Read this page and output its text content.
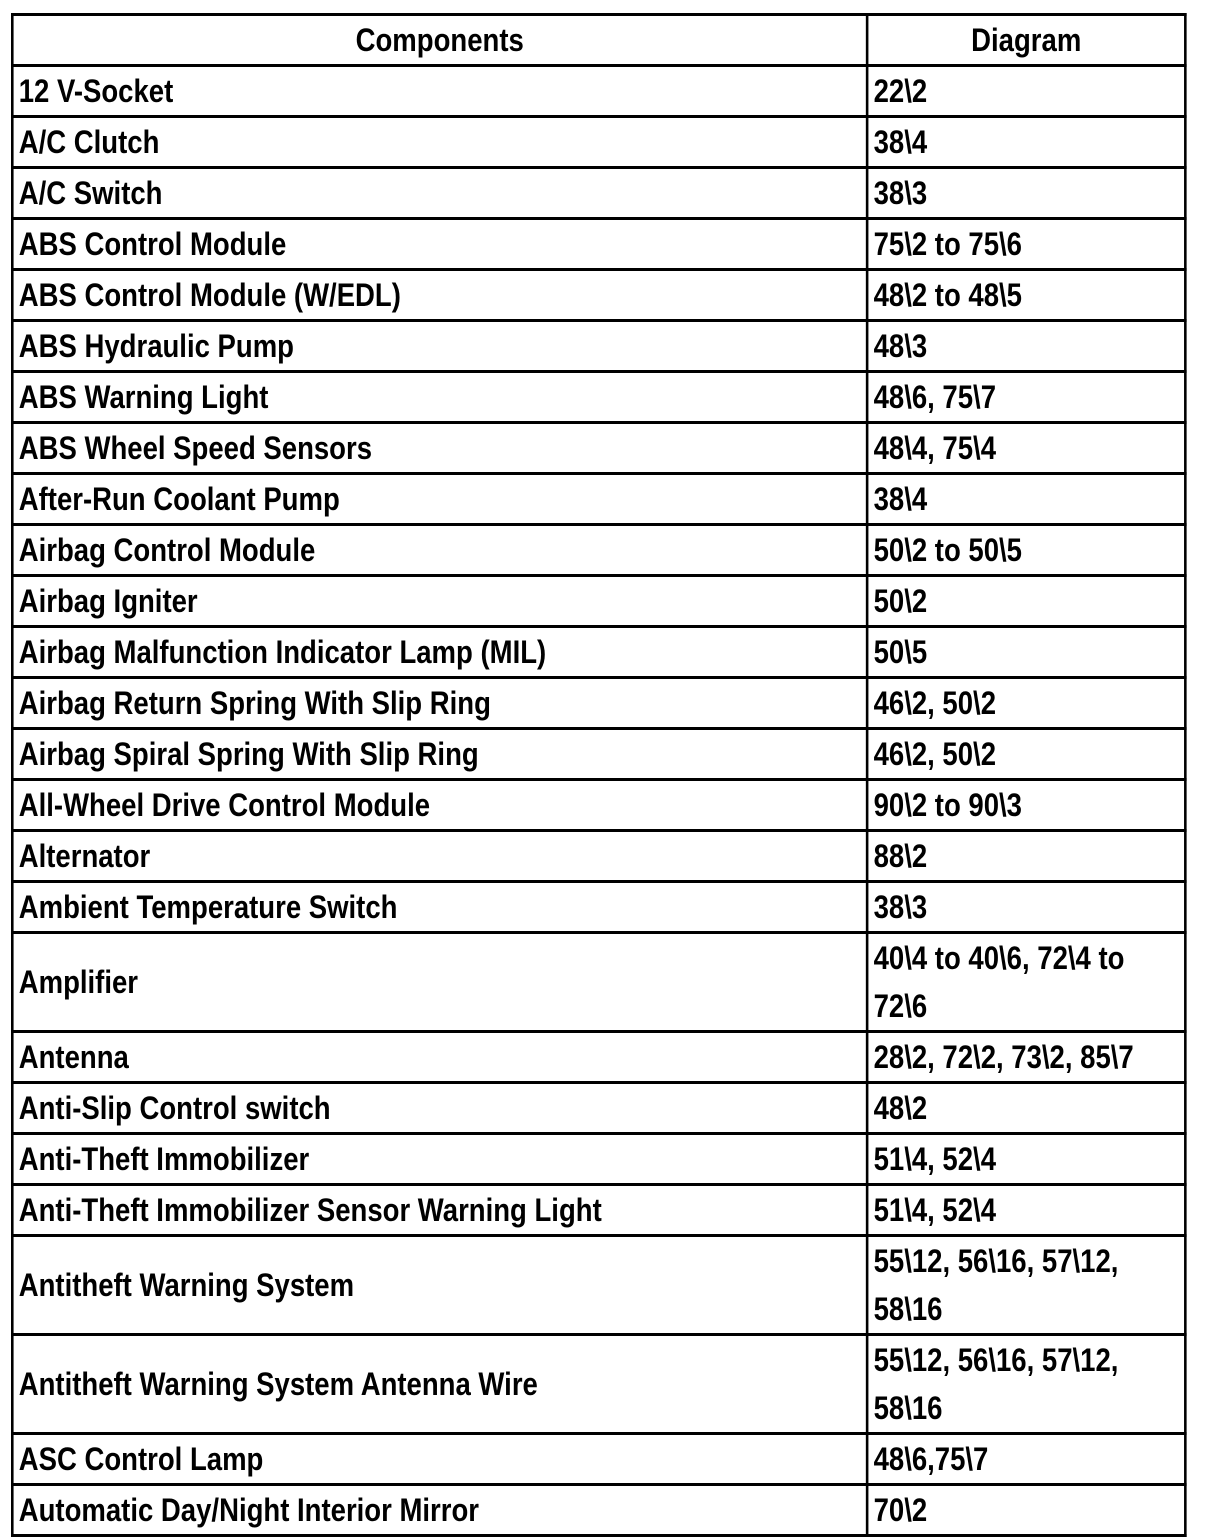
Components	Diagram
12 V-Socket	22\2
A/C Clutch	38\4
A/C Switch	38\3
ABS Control Module	75\2 to 75\6
ABS Control Module (W/EDL)	48\2 to 48\5
ABS Hydraulic Pump	48\3
ABS Warning Light	48\6, 75\7
ABS Wheel Speed Sensors	48\4, 75\4
After-Run Coolant Pump	38\4
Airbag Control Module	50\2 to 50\5
Airbag Igniter	50\2
Airbag Malfunction Indicator Lamp (MIL)	50\5
Airbag Return Spring With Slip Ring	46\2, 50\2
Airbag Spiral Spring With Slip Ring	46\2, 50\2
All-Wheel Drive Control Module	90\2 to 90\3
Alternator	88\2
Ambient Temperature Switch	38\3
Amplifier	40\4 to 40\6, 72\4 to 72\6
Antenna	28\2, 72\2, 73\2, 85\7
Anti-Slip Control switch	48\2
Anti-Theft Immobilizer	51\4, 52\4
Anti-Theft Immobilizer Sensor Warning Light	51\4, 52\4
Antitheft Warning System	55\12, 56\16, 57\12, 58\16
Antitheft Warning System Antenna Wire	55\12, 56\16, 57\12, 58\16
ASC Control Lamp	48\6,75\7
Automatic Day/Night Interior Mirror	70\2
